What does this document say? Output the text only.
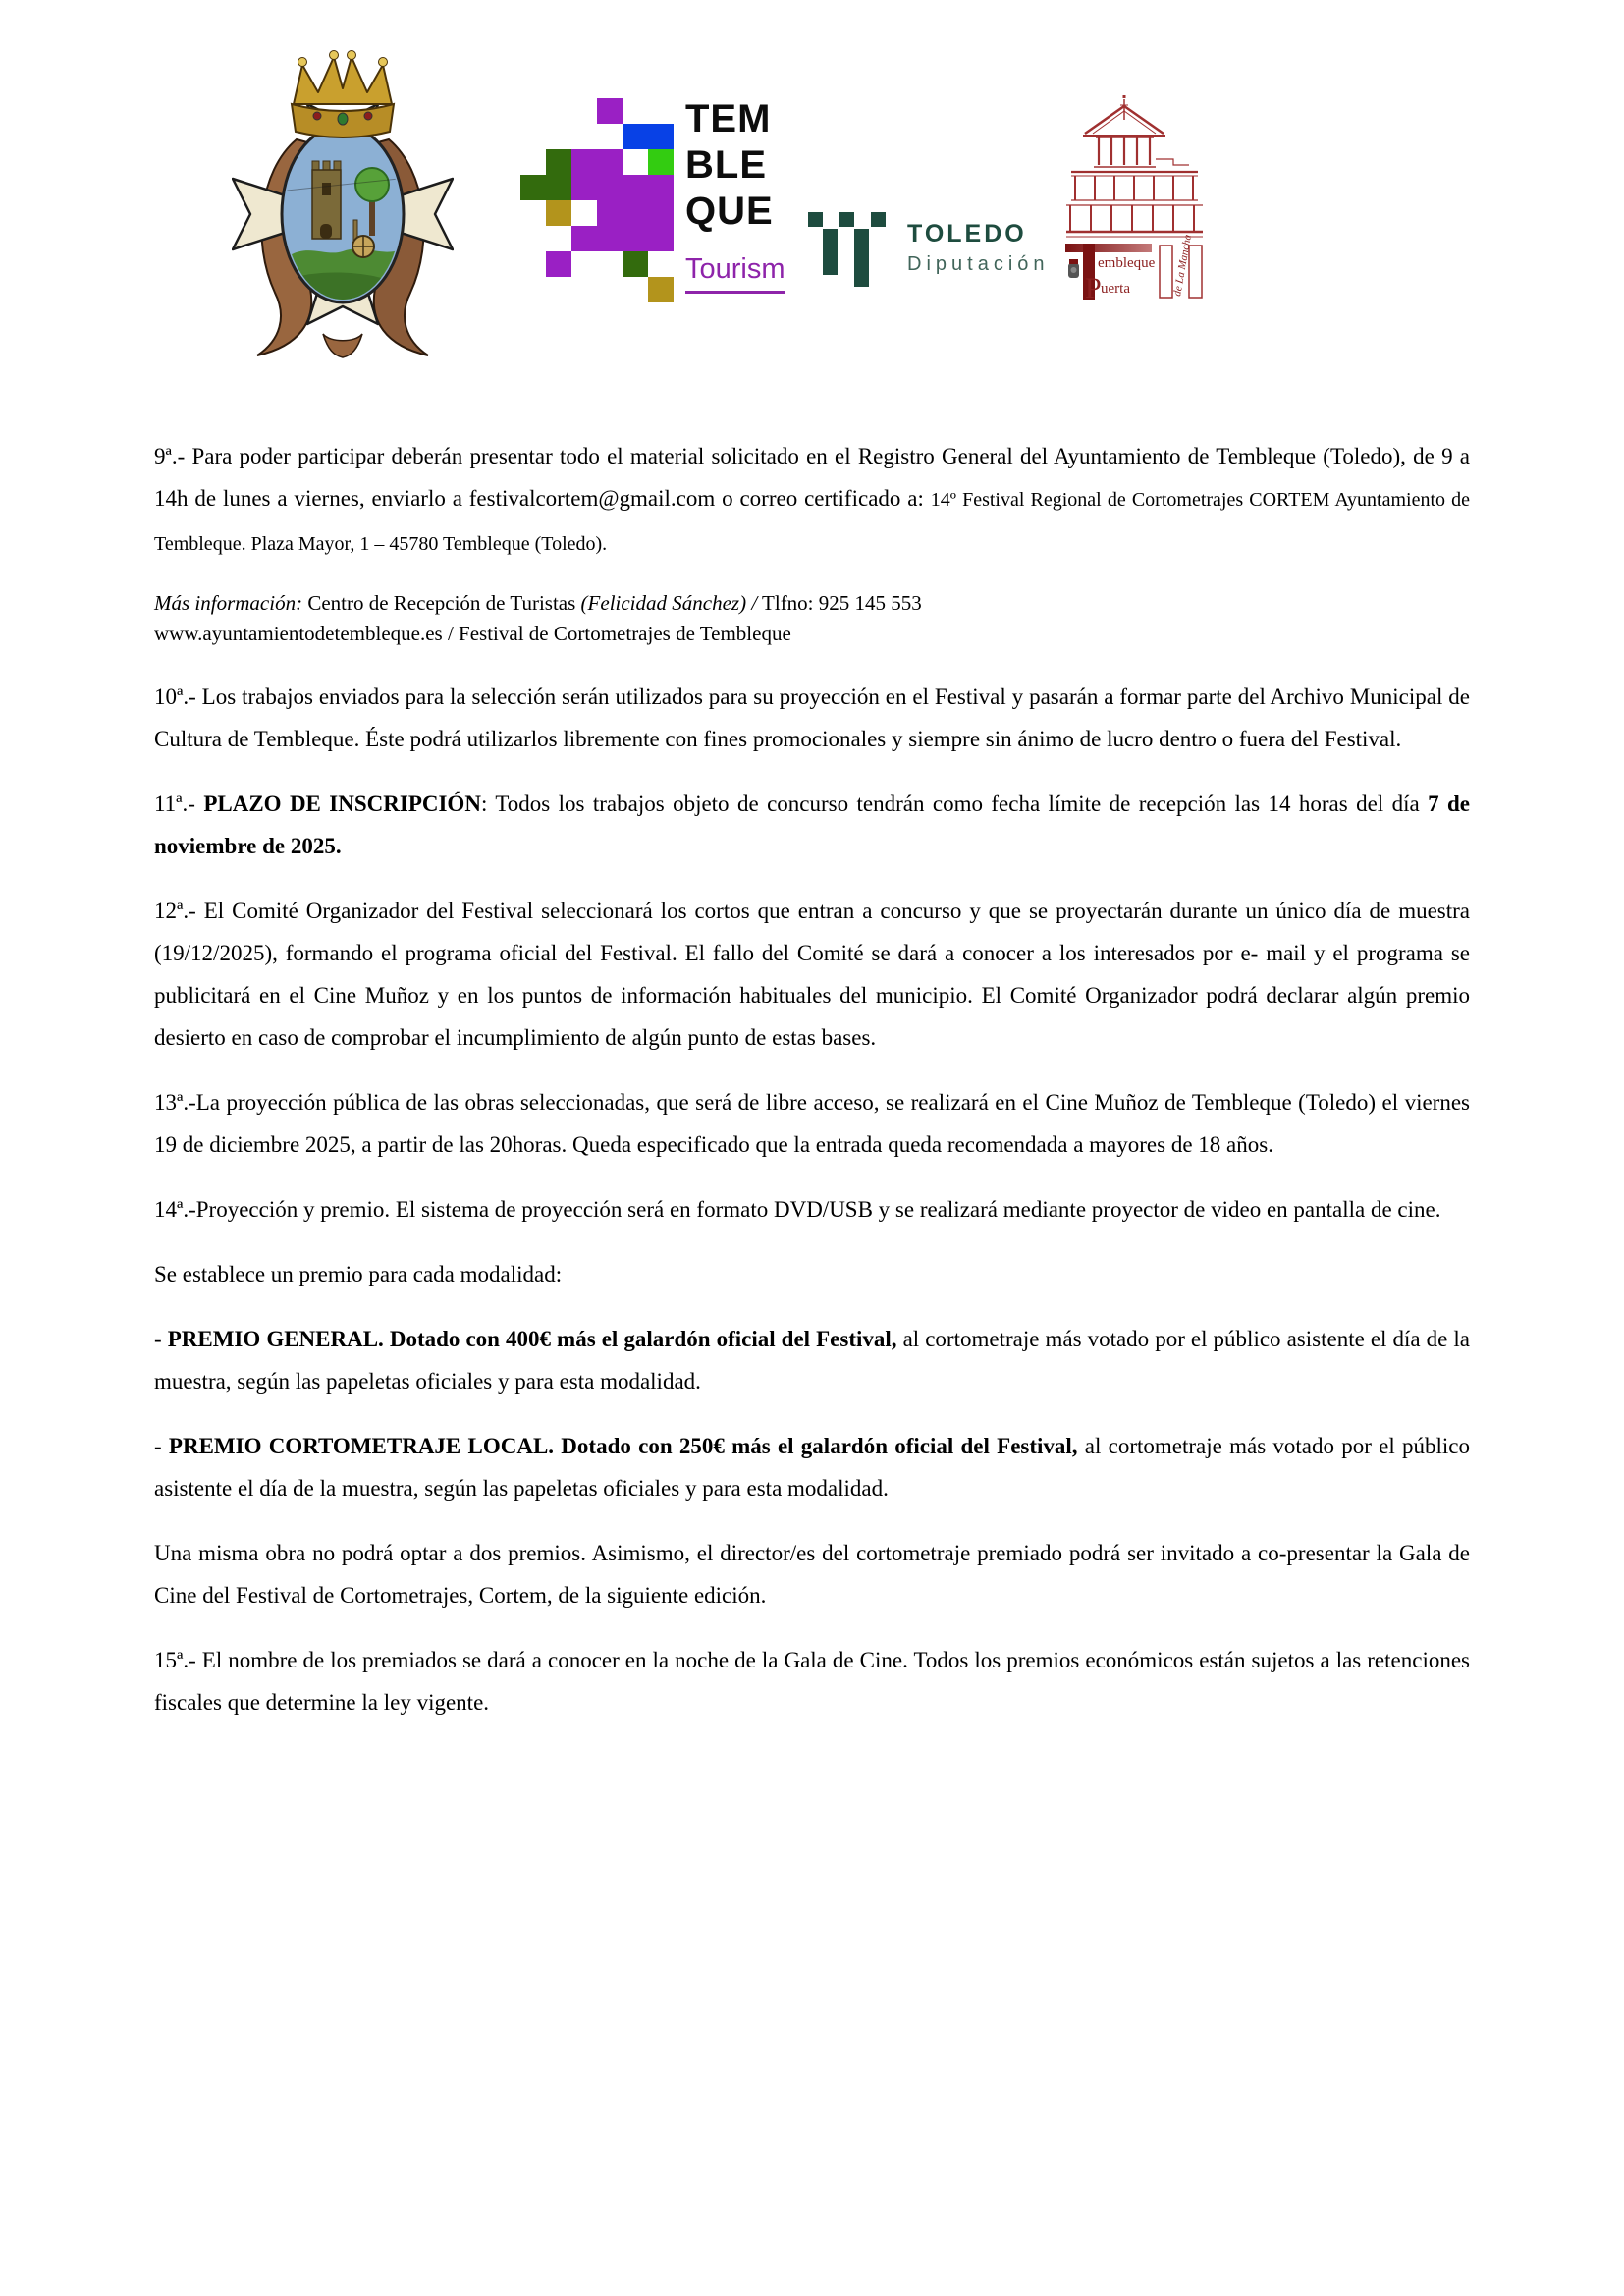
TEM
BLE
QUE
Tourism
TOLEDO
Diputación	embleque
P uerta	de La Mancha

9ª.- Para poder participar deberán presentar todo el material solicitado en el Registro General del Ayuntamiento de Tembleque (Toledo), de 9 a 14h de lunes a viernes, enviarlo a festivalcortem@gmail.com o correo certificado a: 14º Festival Regional de Cortometrajes CORTEM Ayuntamiento de Tembleque. Plaza Mayor, 1 – 45780 Tembleque (Toledo).

Más información: Centro de Recepción de Turistas (Felicidad Sánchez) / Tlfno: 925 145 553
www.ayuntamientodetembleque.es / Festival de Cortometrajes de Tembleque

10ª.- Los trabajos enviados para la selección serán utilizados para su proyección en el Festival y pasarán a formar parte del Archivo Municipal de Cultura de Tembleque. Éste podrá utilizarlos libremente con fines promocionales y siempre sin ánimo de lucro dentro o fuera del Festival.

11ª.- PLAZO DE INSCRIPCIÓN: Todos los trabajos objeto de concurso tendrán como fecha límite de recepción las 14 horas del día 7 de noviembre de 2025.

12ª.- El Comité Organizador del Festival seleccionará los cortos que entran a concurso y que se proyectarán durante un único día de muestra (19/12/2025), formando el programa oficial del Festival. El fallo del Comité se dará a conocer a los interesados por e- mail y el programa se publicitará en el Cine Muñoz y en los puntos de información habituales del municipio. El Comité Organizador podrá declarar algún premio desierto en caso de comprobar el incumplimiento de algún punto de estas bases.

13ª.-La proyección pública de las obras seleccionadas, que será de libre acceso, se realizará en el Cine Muñoz de Tembleque (Toledo) el viernes 19 de diciembre 2025, a partir de las 20horas. Queda especificado que la entrada queda recomendada a mayores de 18 años.

14ª.-Proyección y premio. El sistema de proyección será en formato DVD/USB y se realizará mediante proyector de video en pantalla de cine.

Se establece un premio para cada modalidad:

- PREMIO GENERAL. Dotado con 400€ más el galardón oficial del Festival, al cortometraje más votado por el público asistente el día de la muestra, según las papeletas oficiales y para esta modalidad.

- PREMIO CORTOMETRAJE LOCAL. Dotado con 250€ más el galardón oficial del Festival, al cortometraje más votado por el público asistente el día de la muestra, según las papeletas oficiales y para esta modalidad.

Una misma obra no podrá optar a dos premios. Asimismo, el director/es del cortometraje premiado podrá ser invitado a co-presentar la Gala de Cine del Festival de Cortometrajes, Cortem, de la siguiente edición.

15ª.- El nombre de los premiados se dará a conocer en la noche de la Gala de Cine. Todos los premios económicos están sujetos a las retenciones fiscales que determine la ley vigente.
